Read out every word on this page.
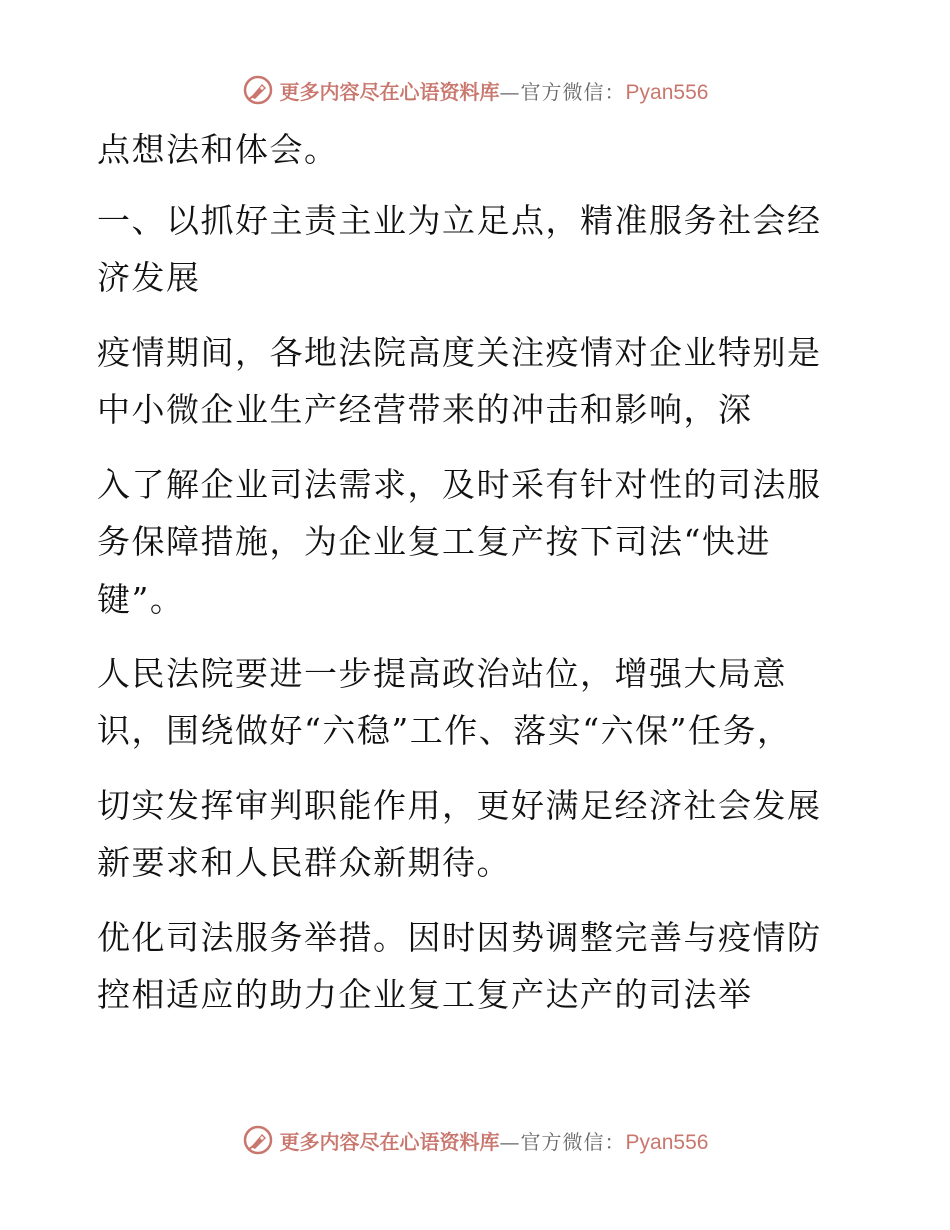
更多内容尽在心语资料库 — 官方微信： Pyan556
点想法和体会。
一、以抓好主责主业为立足点，精准服务社会经
济发展
疫情期间，各地法院高度关注疫情对企业特别是
中小微企业生产经营带来的冲击和影响，深
入了解企业司法需求，及时采有针对性的司法服
务保障措施，为企业复工复产按下司法“快进
键”。
人民法院要进一步提高政治站位，增强大局意
识，围绕做好“六稳”工作、落实“六保”任务，
切实发挥审判职能作用，更好满足经济社会发展
新要求和人民群众新期待。
优化司法服务举措。因时因势调整完善与疫情防
控相适应的助力企业复工复产达产的司法举
更多内容尽在心语资料库 — 官方微信： Pyan556
